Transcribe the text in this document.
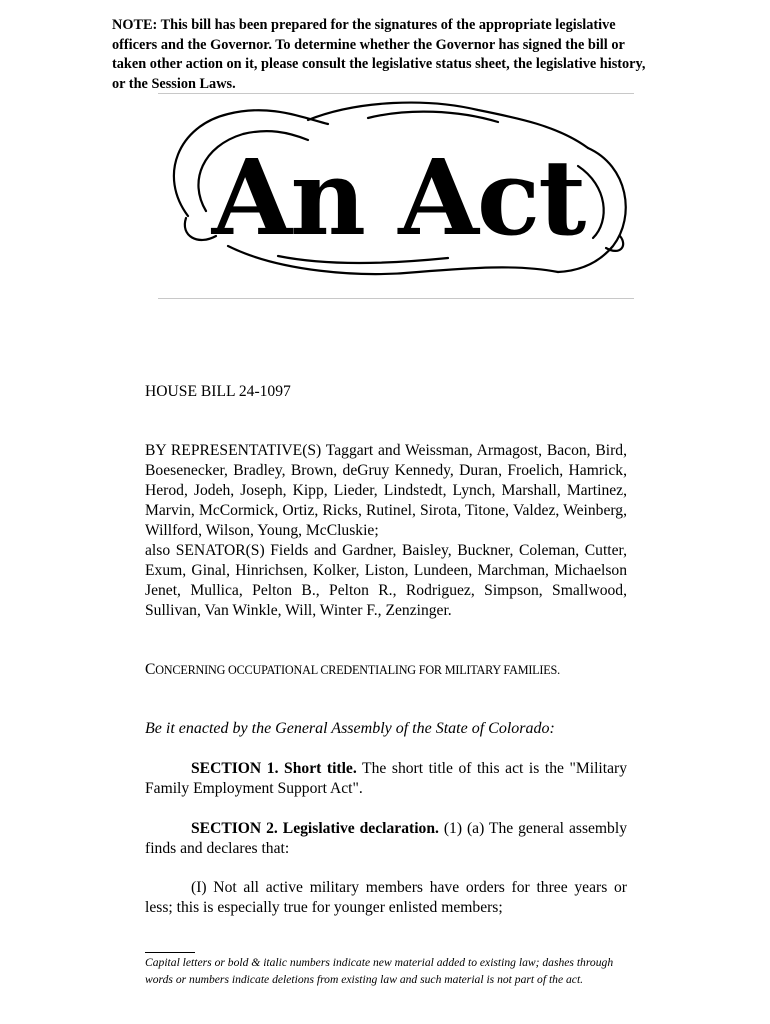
NOTE: This bill has been prepared for the signatures of the appropriate legislative officers and the Governor. To determine whether the Governor has signed the bill or taken other action on it, please consult the legislative status sheet, the legislative history, or the Session Laws.
An Act
HOUSE BILL 24-1097
BY REPRESENTATIVE(S) Taggart and Weissman, Armagost, Bacon, Bird, Boesenecker, Bradley, Brown, deGruy Kennedy, Duran, Froelich, Hamrick, Herod, Jodeh, Joseph, Kipp, Lieder, Lindstedt, Lynch, Marshall, Martinez, Marvin, McCormick, Ortiz, Ricks, Rutinel, Sirota, Titone, Valdez, Weinberg, Willford, Wilson, Young, McCluskie;
also SENATOR(S) Fields and Gardner, Baisley, Buckner, Coleman, Cutter, Exum, Ginal, Hinrichsen, Kolker, Liston, Lundeen, Marchman, Michaelson Jenet, Mullica, Pelton B., Pelton R., Rodriguez, Simpson, Smallwood, Sullivan, Van Winkle, Will, Winter F., Zenzinger.
CONCERNING OCCUPATIONAL CREDENTIALING FOR MILITARY FAMILIES.
Be it enacted by the General Assembly of the State of Colorado:
SECTION 1. Short title. The short title of this act is the "Military Family Employment Support Act".
SECTION 2. Legislative declaration. (1) (a) The general assembly finds and declares that:
(I) Not all active military members have orders for three years or less; this is especially true for younger enlisted members;
Capital letters or bold & italic numbers indicate new material added to existing law; dashes through words or numbers indicate deletions from existing law and such material is not part of the act.
